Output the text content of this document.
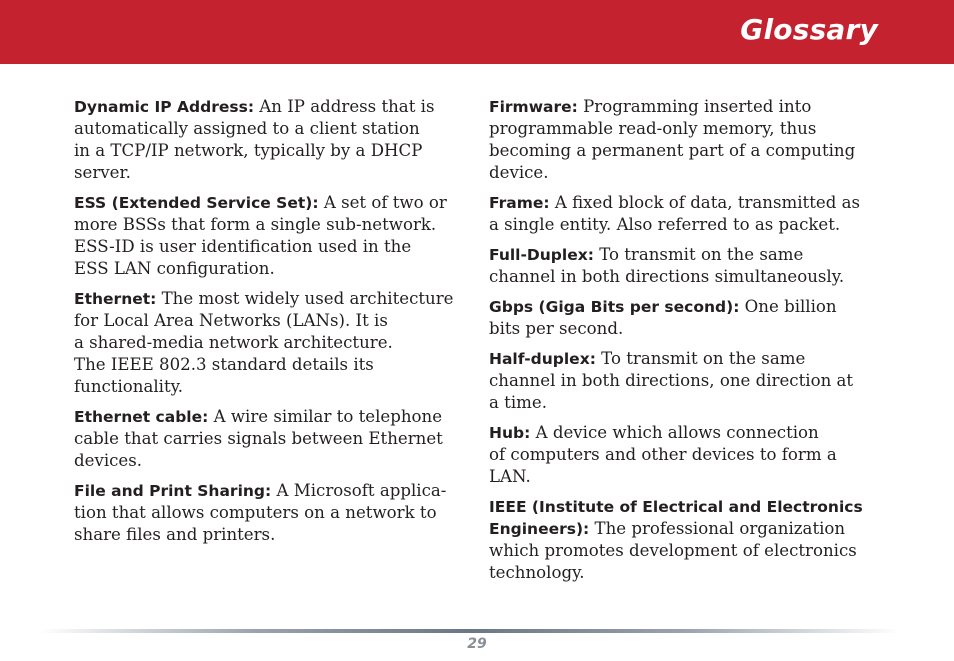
Glossary

Dynamic IP Address: An IP address that is
automatically assigned to a client station
in a TCP/IP network, typically by a DHCP
server.

ESS (Extended Service Set): A set of two or
more BSSs that form a single sub-network.
ESS-ID is user identification used in the
ESS LAN configuration.

Ethernet: The most widely used architecture
for Local Area Networks (LANs). It is
a shared-media network architecture.
The IEEE 802.3 standard details its
functionality.

Ethernet cable: A wire similar to telephone
cable that carries signals between Ethernet
devices.

File and Print Sharing: A Microsoft applica-
tion that allows computers on a network to
share files and printers.

Firmware: Programming inserted into
programmable read-only memory, thus
becoming a permanent part of a computing
device.

Frame: A fixed block of data, transmitted as
a single entity. Also referred to as packet.

Full-Duplex: To transmit on the same
channel in both directions simultaneously.

Gbps (Giga Bits per second): One billion
bits per second.

Half-duplex: To transmit on the same
channel in both directions, one direction at
a time.

Hub: A device which allows connection
of computers and other devices to form a
LAN.

IEEE (Institute of Electrical and Electronics
Engineers): The professional organization
which promotes development of electronics
technology.

29
